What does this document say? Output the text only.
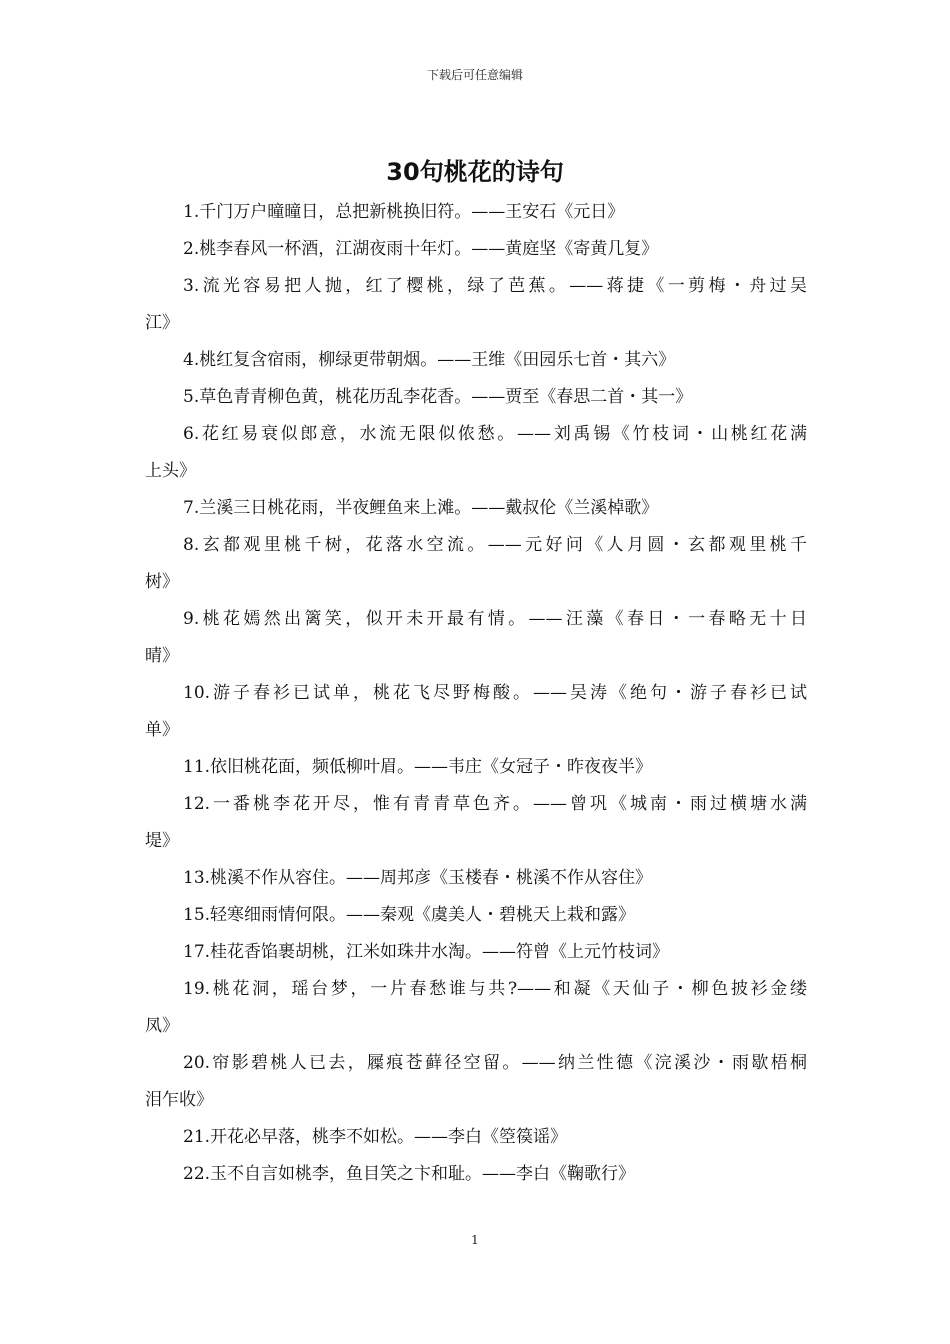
下载后可任意编辑
30句桃花的诗句
1.千门万户曈曈日，总把新桃换旧符。——王安石《元日》
2.桃李春风一杯酒，江湖夜雨十年灯。——黄庭坚《寄黄几复》
3.流光容易把人抛，红了樱桃，绿了芭蕉。——蒋捷《一剪梅・舟过吴
江》
4.桃红复含宿雨，柳绿更带朝烟。——王维《田园乐七首・其六》
5.草色青青柳色黄，桃花历乱李花香。——贾至《春思二首・其一》
6.花红易衰似郎意，水流无限似侬愁。——刘禹锡《竹枝词・山桃红花满
上头》
7.兰溪三日桃花雨，半夜鲤鱼来上滩。——戴叔伦《兰溪棹歌》
8.玄都观里桃千树，花落水空流。——元好问《人月圆・玄都观里桃千
树》
9.桃花嫣然出篱笑，似开未开最有情。——汪藻《春日・一春略无十日
晴》
10.游子春衫已试单，桃花飞尽野梅酸。——吴涛《绝句・游子春衫已试
单》
11.依旧桃花面，频低柳叶眉。——韦庄《女冠子・昨夜夜半》
12.一番桃李花开尽，惟有青青草色齐。——曾巩《城南・雨过横塘水满
堤》
13.桃溪不作从容住。——周邦彦《玉楼春・桃溪不作从容住》
15.轻寒细雨情何限。——秦观《虞美人・碧桃天上栽和露》
17.桂花香馅裹胡桃，江米如珠井水淘。——符曾《上元竹枝词》
19.桃花洞，瑶台梦，一片春愁谁与共?——和凝《天仙子・柳色披衫金缕
凤》
20.帘影碧桃人已去，屧痕苍藓径空留。——纳兰性德《浣溪沙・雨歇梧桐
泪乍收》
21.开花必早落，桃李不如松。——李白《箜篌谣》
22.玉不自言如桃李，鱼目笑之卞和耻。——李白《鞠歌行》
1
